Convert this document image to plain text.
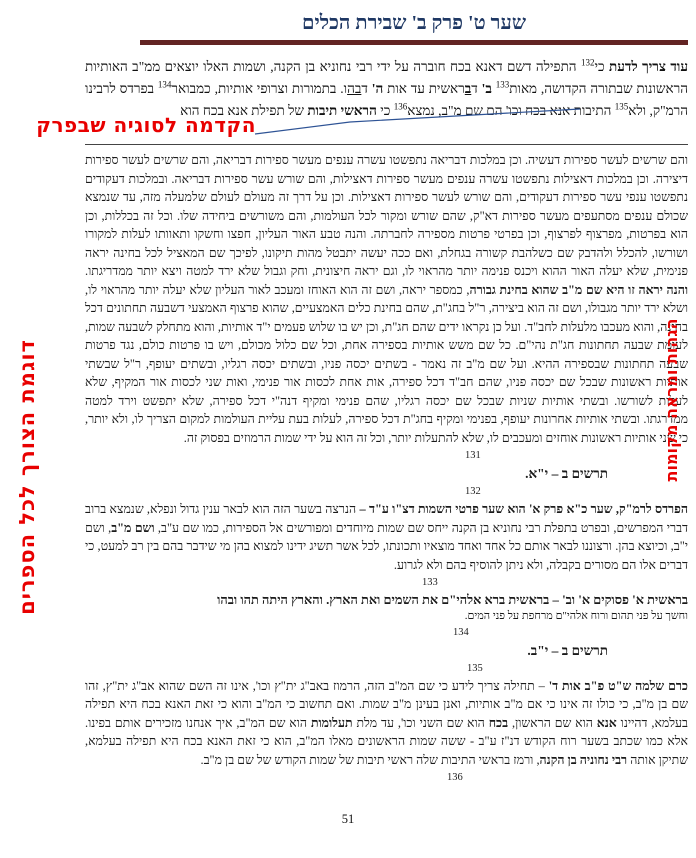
שער ט' פרק ב' שבירת הכלים
עוד צריך לדעת כי$^{132}$ התפילה דשם דאנא בכח חוברה על ידי רבי נחוניא בן הקנה, ושמות האלו יוצאים ממ"ב האותיות הראשונות שבתורה הקדושה, מאות$^{133}$ ב' דבראשית עד אות ה' דבהו. בתמורות וצרופי אותיות, כמבואר$^{134}$ בפרדס לרבינו הרמ"ק, ולא$^{135}$ התיבות אנא בכח וכו' הם שם מ"ב, נמצא$^{136}$ כי הראשי תיבות של תפילת אנא בכח הוא
הקדמה לסוגיה שבפרק
והם שרשים לעשר ספירות דעשיה. וכן במלכות דבריאה נתפשטו עשרה ענפים מעשר ספירות דבריאה, והם שרשים לעשר ספירות דיצירה. וכן במלכות דאצילות נתפשטו עשרה ענפים מעשר ספירות דאצילות, והם שורש עשר ספירות דבריאה. ובמלכות דעקודים נתפשטו ענפי עשר ספירות דעקודים, והם שורש לעשר ספירות דאצילות. וכן על דרך זה מעולם לעולם שלמעלה מזה, עד שנמצא שכולם ענפים מסתעפים מעשר ספירות דא"ק, שהם שורש ומקור לכל העולמות, והם משורשים ביחידה שלו. וכל זה בכללות, וכן הוא בפרטות, מפרצוף לפרצוף, וכן בפרטי פרטות מספירה לחברתה. והנה טבע האור העליון, חפצו וחשקו ותאוותו לעלות למקורו ושורשו, להכלל ולהדבק שם כשלהבת קשורה בגחלת, ואם ככה יעשה יתבטל מהות תיקונו, לפיכך שם המאציל לכל בחינה יראה פנימית, שלא יעלה האור ההוא ויכנס פנימה יותר מהראוי לו, וגם יראה חיצונית, וחק וגבול שלא ירד למטה ויצא יותר ממדריגתו. והנה יראה זו היא שם מ"ב שהוא בחינת גבורה, כמספר יראה, ושם זה הוא האוחז ומעכב לאור העליון שלא יעלה יותר מהראוי לו, ושלא ירד יותר מגבולו, ושם זה הוא ביצירה, ר"ל בחג"ת, שהם בחינת כלים האמצעיים, שהוא פרצוף האמצעי דשבעה תחתונים דכל בחינה, והוא מעכבו מלעלות לחב"ד. ועל כן נקראו ידים שהם חג"ת, וכן יש בו שלוש פעמים י"ד אותיות, והוא מתחלק לשבעה שמות, לעומת שבעה תחתונות חג"ת נהי"ם. כל שם משש אותיות בספירה אחת, וכל שם כלול מכולם, ויש בו פרטות כולם, נגד פרטות שבעה תחתונות שבספירה ההיא. ועל שם מ"ב זה נאמר - בשתים יכסה פניו, ובשתים יכסה רגליו, ובשתים יעופף, ר"ל שבשתי אותיות ראשונות שבכל שם יכסה פניו, שהם חב"ד דכל ספירה, אות אחת לכסות אור פנימי, ואות שני לכסות אור המקיף, שלא לעלות לשורשו. ובשתי אותיות שניות שבכל שם יכסה רגליו, שהם פנימי ומקיף דנה"י דכל ספירה, שלא יתפשט וירד למטה ממדרגתו. ובשתי אותיות אחרונות יעופף, בפנימי ומקיף בחג"ת דכל ספירה, לעלות בעת עליית העולמות למקום הצריך לו, ולא יותר, כי שני אותיות ראשונות אוחזים ומעכבים לו, שלא להתעלות יותר, וכל זה הוא על ידי שמות הרמוזים בפסוק זה.
131
תרשים ב – י"א.
132
הפרדס לרמ"ק, שער כ"א פרק א' הוא שער פרטי השמות דצ"ו ע"ד – הנרצה בשער הזה הוא לבאר ענין גדול ונפלא, שנמצא ברוב דברי המפרשים, ובפרט בתפלת רבי נחוניא בן הקנה ייחס שם שמות מיוחדים ומפורשים אל הספירות, כמו שם ע"ב, ושם מ"ב, ושם י"ב, וכיוצא בהן. ורצוננו לבאר אותם כל אחד ואחד מוצאיו ותכונתו, לכל אשר תשיג ידינו למצוא בהן מי שידבר בהם בין רב למעט, כי דברים אלו הם מסורים בקבלה, ולא ניתן להוסיף בהם ולא לגרוע.
133
בראשית א' פסוקים א' וב' – בראשית ברא אלהי"ם את השמים ואת הארץ. והארץ היתה תהו ובהו
וחשך על פני תהום ורוח אלהי"ם מרחפת על פני המים.
134
תרשים ב – י"ב.
135
כרם שלמה ש"ט פ"ב אות ד' – תחילה צריך לידע כי שם המ"ב הזה, הרמוז באב"ג ית"ץ וכו', אינו זה השם שהוא אב"ג ית"ץ, זהו שם בן מ"ב, כי כולו זה אינו כי אם מ"ב אותיות, ואנן בעינן מ"ב שמות. ואם תחשוב כי המ"ב והוא כי זאת האנא בכח היא תפילה בעלמא, דהיינו אנא הוא שם הראשון, בכח הוא שם השני וכו', עד מלת תעלומות הוא שם המ"ב, איך אנחנו מזכירים אותם בפינו. אלא כמו שכתב בשער רוח הקודש דנ"ז ע"ב - ששה שמות הראשונים מאלו המ"ב, הוא כי זאת האנא בכח היא תפילה בעלמא, שתיקן אותה רבי נחוניה בן הקנה, ורמז בראשי התיבות שלה ראשי תיבות של שמות הקודש של שם בן מ"ב.
136
דוגמת הצורך לכל הספרים	הגהות ומראה מקומות
51
